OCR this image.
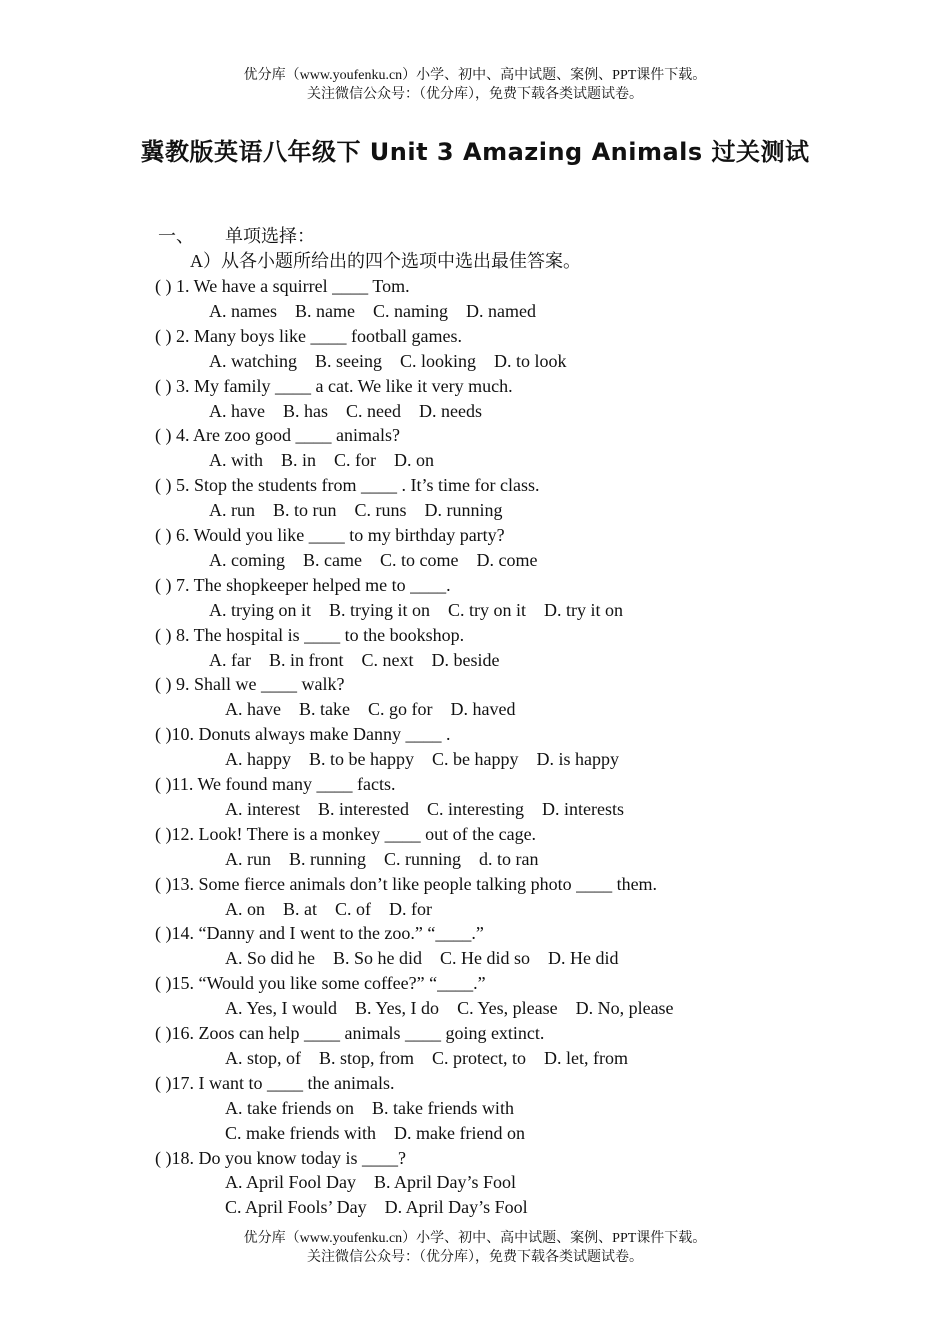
优分库（www.youfenku.cn）小学、初中、高中试题、案例、PPT课件下载。
关注微信公众号：（优分库），免费下载各类试题试卷。
冀教版英语八年级下 Unit 3 Amazing Animals 过关测试
一、 单项选择：
A）从各小题所给出的四个选项中选出最佳答案。
( ) 1. We have a squirrel ____ Tom.
A. names B. name C. naming D. named
( ) 2. Many boys like ____ football games.
A. watching B. seeing C. looking D. to look
( ) 3. My family ____ a cat. We like it very much.
A. have B. has C. need D. needs
( ) 4. Are zoo good ____ animals?
A. with B. in C. for D. on
( ) 5. Stop the students from ____ . It’s time for class.
A. run B. to run C. runs D. running
( ) 6. Would you like ____ to my birthday party?
A. coming B. came C. to come D. come
( ) 7. The shopkeeper helped me to ____.
A. trying on it B. trying it on C. try on it D. try it on
( ) 8. The hospital is ____ to the bookshop.
A. far B. in front C. next D. beside
( ) 9. Shall we ____ walk?
A. have B. take C. go for D. haved
( )10. Donuts always make Danny ____ .
A. happy B. to be happy C. be happy D. is happy
( )11. We found many ____ facts.
A. interest B. interested C. interesting D. interests
( )12. Look! There is a monkey ____ out of the cage.
A. run B. running C. running d. to ran
( )13. Some fierce animals don’t like people talking photo ____ them.
A. on B. at C. of D. for
( )14. “Danny and I went to the zoo.” “____.”
A. So did he B. So he did C. He did so D. He did
( )15. “Would you like some coffee?” “____.”
A. Yes, I would B. Yes, I do C. Yes, please D. No, please
( )16. Zoos can help ____ animals ____ going extinct.
A. stop, of B. stop, from C. protect, to D. let, from
( )17. I want to ____ the animals.
A. take friends on B. take friends with
C. make friends with D. make friend on
( )18. Do you know today is ____?
A. April Fool Day B. April Day’s Fool
C. April Fools’ Day D. April Day’s Fool
优分库（www.youfenku.cn）小学、初中、高中试题、案例、PPT课件下载。
关注微信公众号：（优分库），免费下载各类试题试卷。
